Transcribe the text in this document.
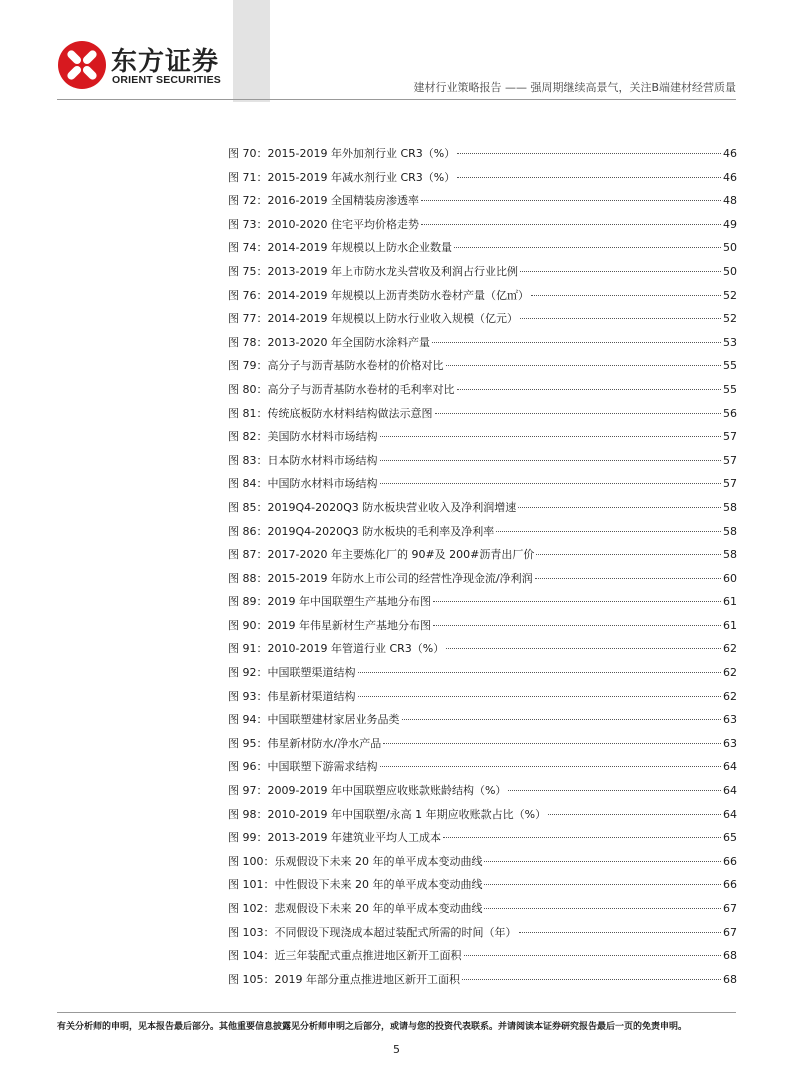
东方证券
ORIENT SECURITIES
建材行业策略报告 —— 强周期继续高景气，关注B端建材经营质量
图 70：2015-2019 年外加剂行业 CR3（%）	46
图 71：2015-2019 年减水剂行业 CR3（%）	46
图 72：2016-2019 全国精装房渗透率	48
图 73：2010-2020 住宅平均价格走势	49
图 74：2014-2019 年规模以上防水企业数量	50
图 75：2013-2019 年上市防水龙头营收及利润占行业比例	50
图 76：2014-2019 年规模以上沥青类防水卷材产量（亿㎡）	52
图 77：2014-2019 年规模以上防水行业收入规模（亿元）	52
图 78：2013-2020 年全国防水涂料产量	53
图 79：高分子与沥青基防水卷材的价格对比	55
图 80：高分子与沥青基防水卷材的毛利率对比	55
图 81：传统底板防水材料结构做法示意图	56
图 82：美国防水材料市场结构	57
图 83：日本防水材料市场结构	57
图 84：中国防水材料市场结构	57
图 85：2019Q4-2020Q3 防水板块营业收入及净利润增速	58
图 86：2019Q4-2020Q3 防水板块的毛利率及净利率	58
图 87：2017-2020 年主要炼化厂的 90#及 200#沥青出厂价	58
图 88：2015-2019 年防水上市公司的经营性净现金流/净利润	60
图 89：2019 年中国联塑生产基地分布图	61
图 90：2019 年伟星新材生产基地分布图	61
图 91：2010-2019 年管道行业 CR3（%）	62
图 92：中国联塑渠道结构	62
图 93：伟星新材渠道结构	62
图 94：中国联塑建材家居业务品类	63
图 95：伟星新材防水/净水产品	63
图 96：中国联塑下游需求结构	64
图 97：2009-2019 年中国联塑应收账款账龄结构（%）	64
图 98：2010-2019 年中国联塑/永高 1 年期应收账款占比（%）	64
图 99：2013-2019 年建筑业平均人工成本	65
图 100：乐观假设下未来 20 年的单平成本变动曲线	66
图 101：中性假设下未来 20 年的单平成本变动曲线	66
图 102：悲观假设下未来 20 年的单平成本变动曲线	67
图 103：不同假设下现浇成本超过装配式所需的时间（年）	67
图 104：近三年装配式重点推进地区新开工面积	68
图 105：2019 年部分重点推进地区新开工面积	68
有关分析师的申明，见本报告最后部分。其他重要信息披露见分析师申明之后部分，或请与您的投资代表联系。并请阅读本证券研究报告最后一页的免责申明。
5
